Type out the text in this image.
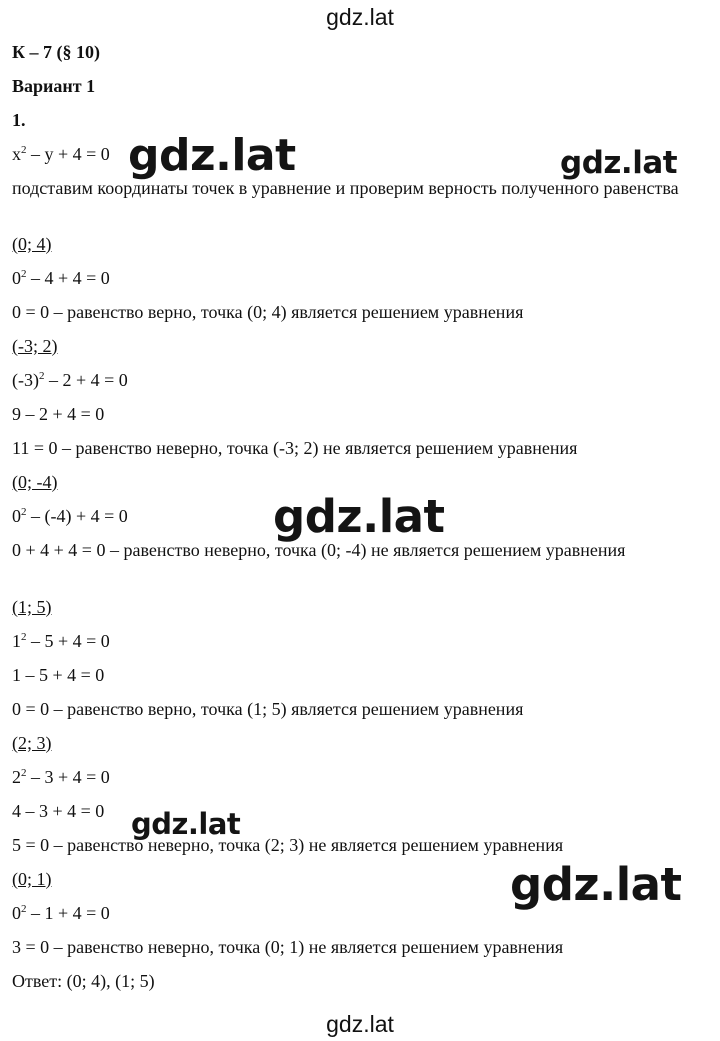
gdz.lat
К – 7 (§ 10)
Вариант 1
1.
$x^2 - y + 4 = 0$
подставим координаты точек в уравнение и проверим верность полученного равенства
(0; 4)
$0^2 - 4 + 4 = 0$
0 = 0 – равенство верно, точка (0; 4) является решением уравнения
(-3; 2)
$(-3)^2 - 2 + 4 = 0$
9 – 2 + 4 = 0
11 = 0 – равенство неверно, точка (-3; 2) не является решением уравнения
(0; -4)
$0^2 - (-4) + 4 = 0$
0 + 4 + 4 = 0 – равенство неверно, точка (0; -4) не является решением уравнения
(1; 5)
$1^2 - 5 + 4 = 0$
1 – 5 + 4 = 0
0 = 0 – равенство верно, точка (1; 5) является решением уравнения
(2; 3)
$2^2 - 3 + 4 = 0$
4 – 3 + 4 = 0
5 = 0 – равенство неверно, точка (2; 3) не является решением уравнения
(0; 1)
$0^2 - 1 + 4 = 0$
3 = 0 – равенство неверно, точка (0; 1) не является решением уравнения
Ответ: (0; 4), (1; 5)
gdz.lat	gdz.lat
gdz.lat
gdz.lat
gdz.lat
gdz.lat
